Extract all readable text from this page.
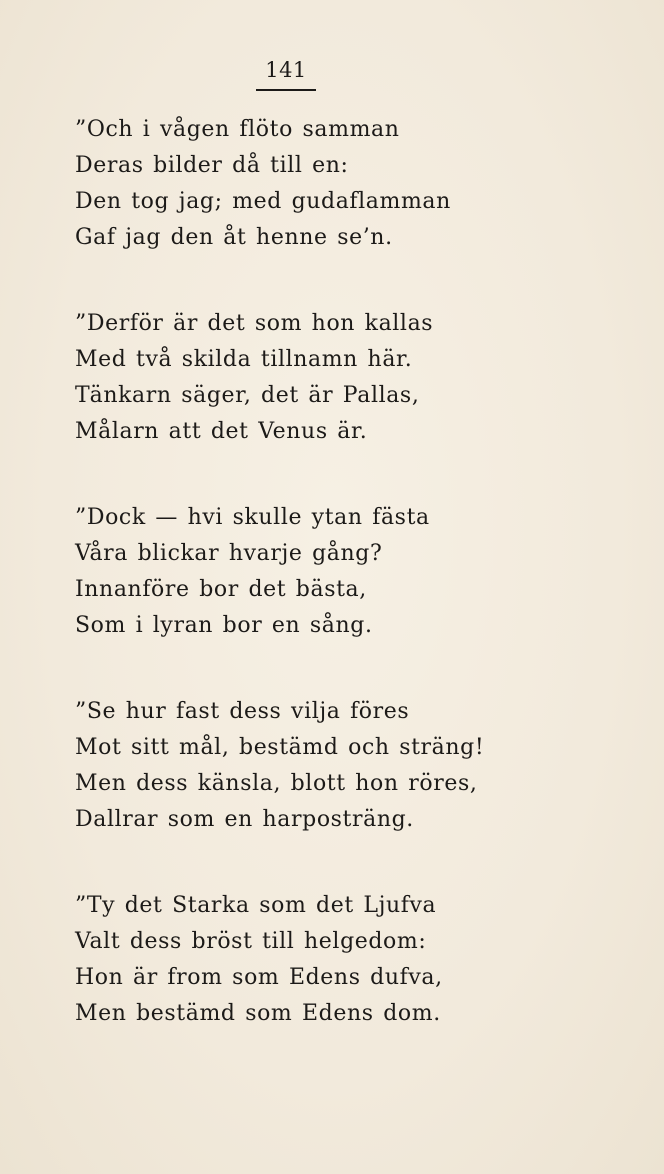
141
”Och i vågen flöto samman
Deras bilder då till en:
Den tog jag; med gudaflamman
Gaf jag den åt henne se’n.
”Derför är det som hon kallas
Med två skilda tillnamn här.
Tänkarn säger, det är Pallas,
Målarn att det Venus är.
”Dock — hvi skulle ytan fästa
Våra blickar hvarje gång?
Innanföre bor det bästa,
Som i lyran bor en sång.
”Se hur fast dess vilja föres
Mot sitt mål, bestämd och sträng!
Men dess känsla, blott hon röres,
Dallrar som en harposträng.
”Ty det Starka som det Ljufva
Valt dess bröst till helgedom:
Hon är from som Edens dufva,
Men bestämd som Edens dom.
